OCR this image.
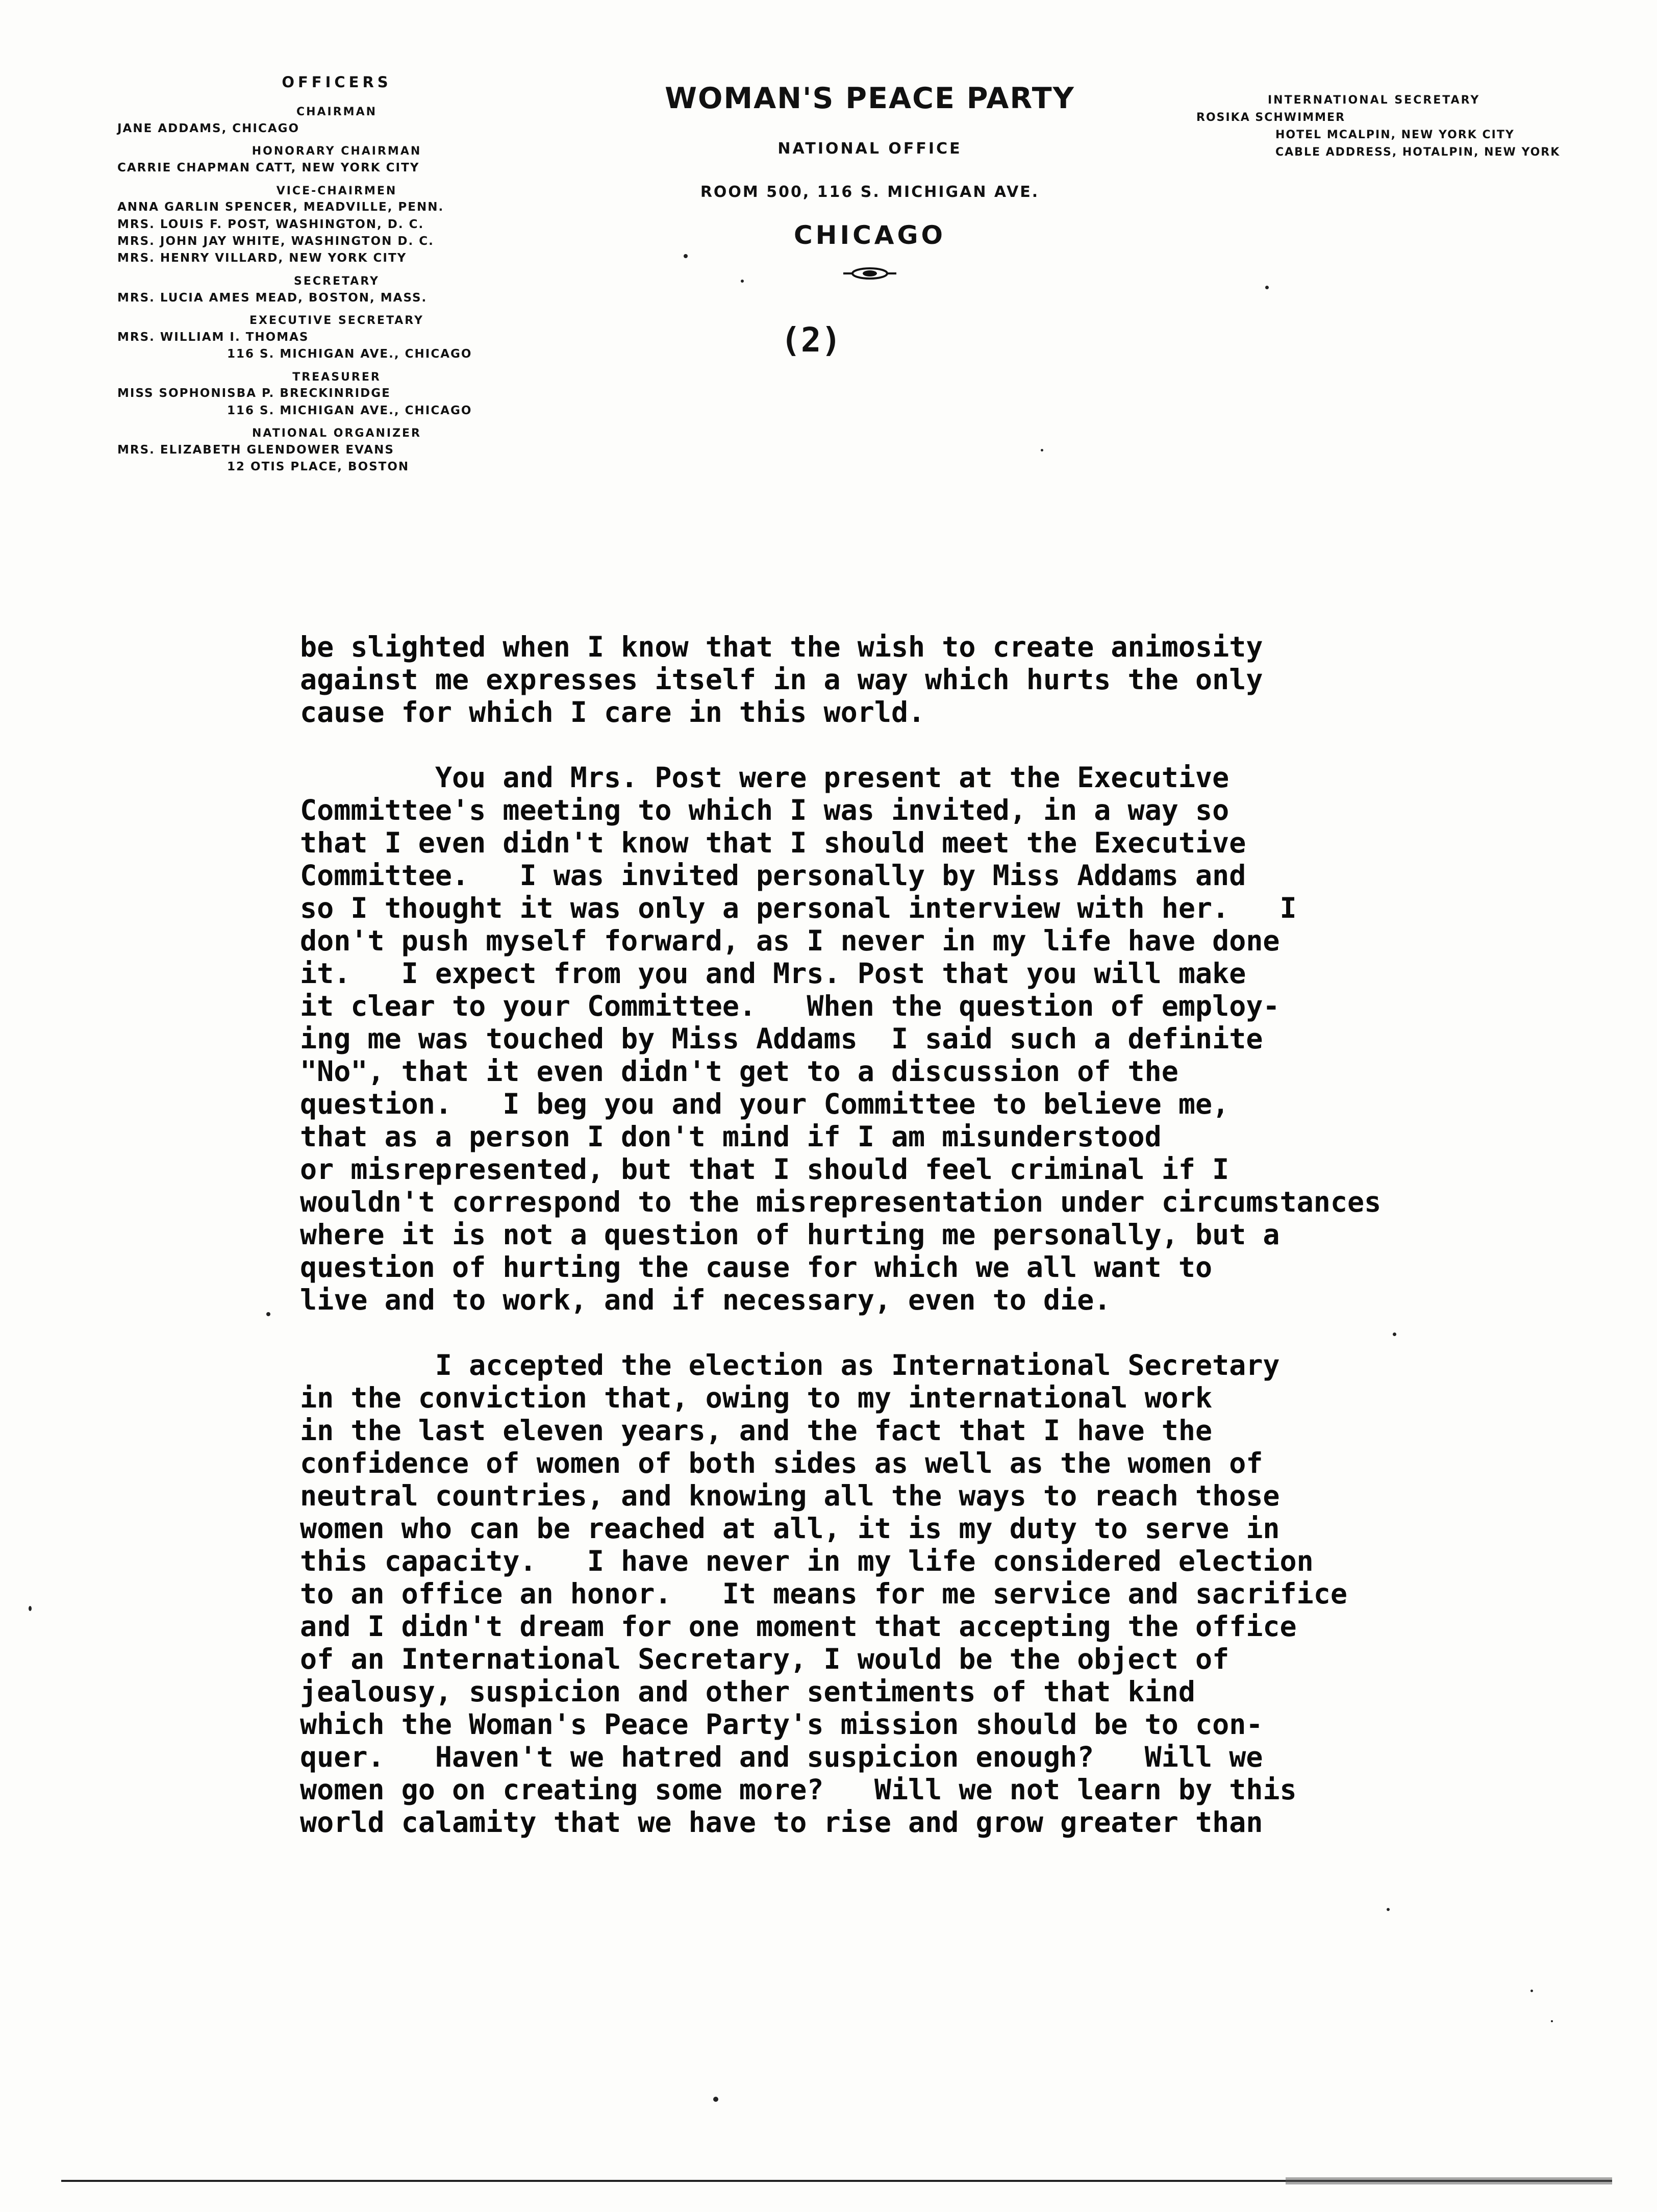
OFFICERS
CHAIRMAN
JANE ADDAMS, CHICAGO
HONORARY CHAIRMAN
CARRIE CHAPMAN CATT, NEW YORK CITY
VICE-CHAIRMEN
ANNA GARLIN SPENCER, MEADVILLE, PENN.
MRS. LOUIS F. POST, WASHINGTON, D. C.
MRS. JOHN JAY WHITE, WASHINGTON D. C.
MRS. HENRY VILLARD, NEW YORK CITY
SECRETARY
MRS. LUCIA AMES MEAD, BOSTON, MASS.
EXECUTIVE SECRETARY
MRS. WILLIAM I. THOMAS
116 S. MICHIGAN AVE., CHICAGO
TREASURER
MISS SOPHONISBA P. BRECKINRIDGE
116 S. MICHIGAN AVE., CHICAGO
NATIONAL ORGANIZER
MRS. ELIZABETH GLENDOWER EVANS
12 OTIS PLACE, BOSTON
WOMAN'S PEACE PARTY
NATIONAL OFFICE
ROOM 500, 116 S. MICHIGAN AVE.
CHICAGO
(2)
INTERNATIONAL SECRETARY
ROSIKA SCHWIMMER
HOTEL MCALPIN, NEW YORK CITY
CABLE ADDRESS, HOTALPIN, NEW YORK
be slighted when I know that the wish to create animosity
against me expresses itself in a way which hurts the only
cause for which I care in this world.
You and Mrs. Post were present at the Executive
Committee's meeting to which I was invited, in a way so
that I even didn't know that I should meet the Executive
Committee.   I was invited personally by Miss Addams and
so I thought it was only a personal interview with her.   I
don't push myself forward, as I never in my life have done
it.   I expect from you and Mrs. Post that you will make
it clear to your Committee.   When the question of employ-
ing me was touched by Miss Addams  I said such a definite
"No", that it even didn't get to a discussion of the
question.   I beg you and your Committee to believe me,
that as a person I don't mind if I am misunderstood
or misrepresented, but that I should feel criminal if I
wouldn't correspond to the misrepresentation under circumstances
where it is not a question of hurting me personally, but a
question of hurting the cause for which we all want to
live and to work, and if necessary, even to die.
I accepted the election as International Secretary
in the conviction that, owing to my international work
in the last eleven years, and the fact that I have the
confidence of women of both sides as well as the women of
neutral countries, and knowing all the ways to reach those
women who can be reached at all, it is my duty to serve in
this capacity.   I have never in my life considered election
to an office an honor.   It means for me service and sacrifice
and I didn't dream for one moment that accepting the office
of an International Secretary, I would be the object of
jealousy, suspicion and other sentiments of that kind
which the Woman's Peace Party's mission should be to con-
quer.   Haven't we hatred and suspicion enough?   Will we
women go on creating some more?   Will we not learn by this
world calamity that we have to rise and grow greater than
